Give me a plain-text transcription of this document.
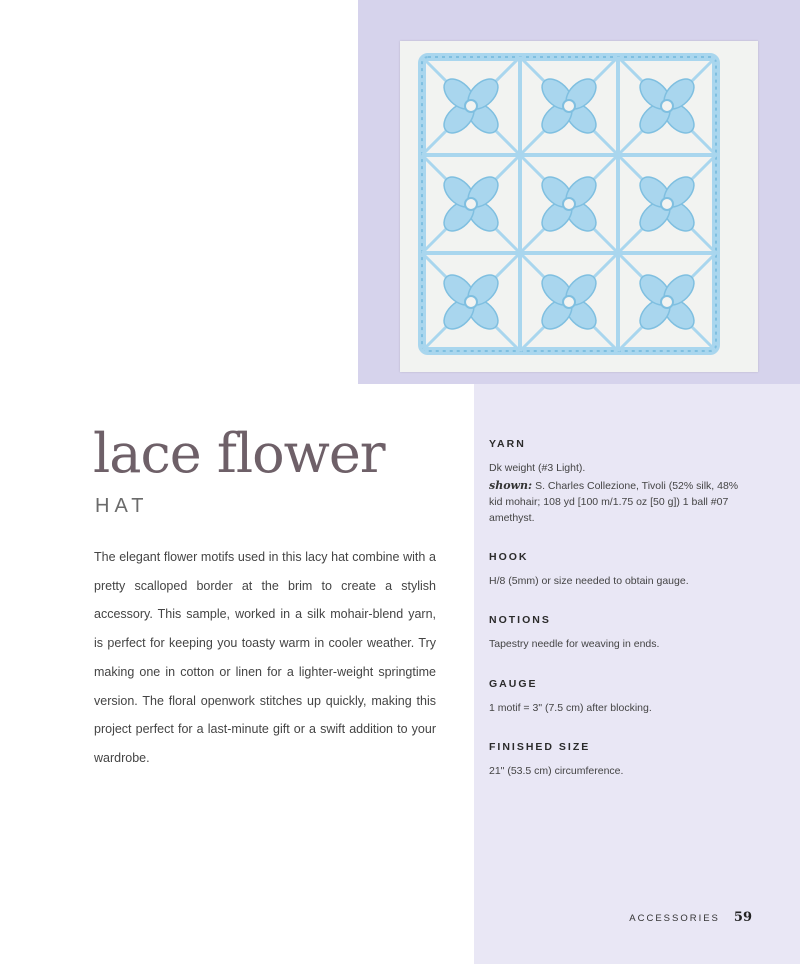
lace flower
HAT

The elegant flower motifs used in this lacy hat combine with a pretty scalloped border at the brim to create a stylish accessory. This sample, worked in a silk mohair-blend yarn, is perfect for keeping you toasty warm in cooler weather. Try making one in cotton or linen for a lighter-weight springtime version. The floral openwork stitches up quickly, making this project perfect for a last-minute gift or a swift addition to your wardrobe.

YARN

Dk weight (#3 Light).

shown: S. Charles Collezione, Tivoli (52% silk, 48% kid mohair; 108 yd [100 m/1.75 oz [50 g]) 1 ball #07 amethyst.

HOOK

H/8 (5mm) or size needed to obtain gauge.

NOTIONS

Tapestry needle for weaving in ends.

GAUGE

1 motif = 3" (7.5 cm) after blocking.

FINISHED SIZE

21" (53.5 cm) circumference.

ACCESSORIES 59
